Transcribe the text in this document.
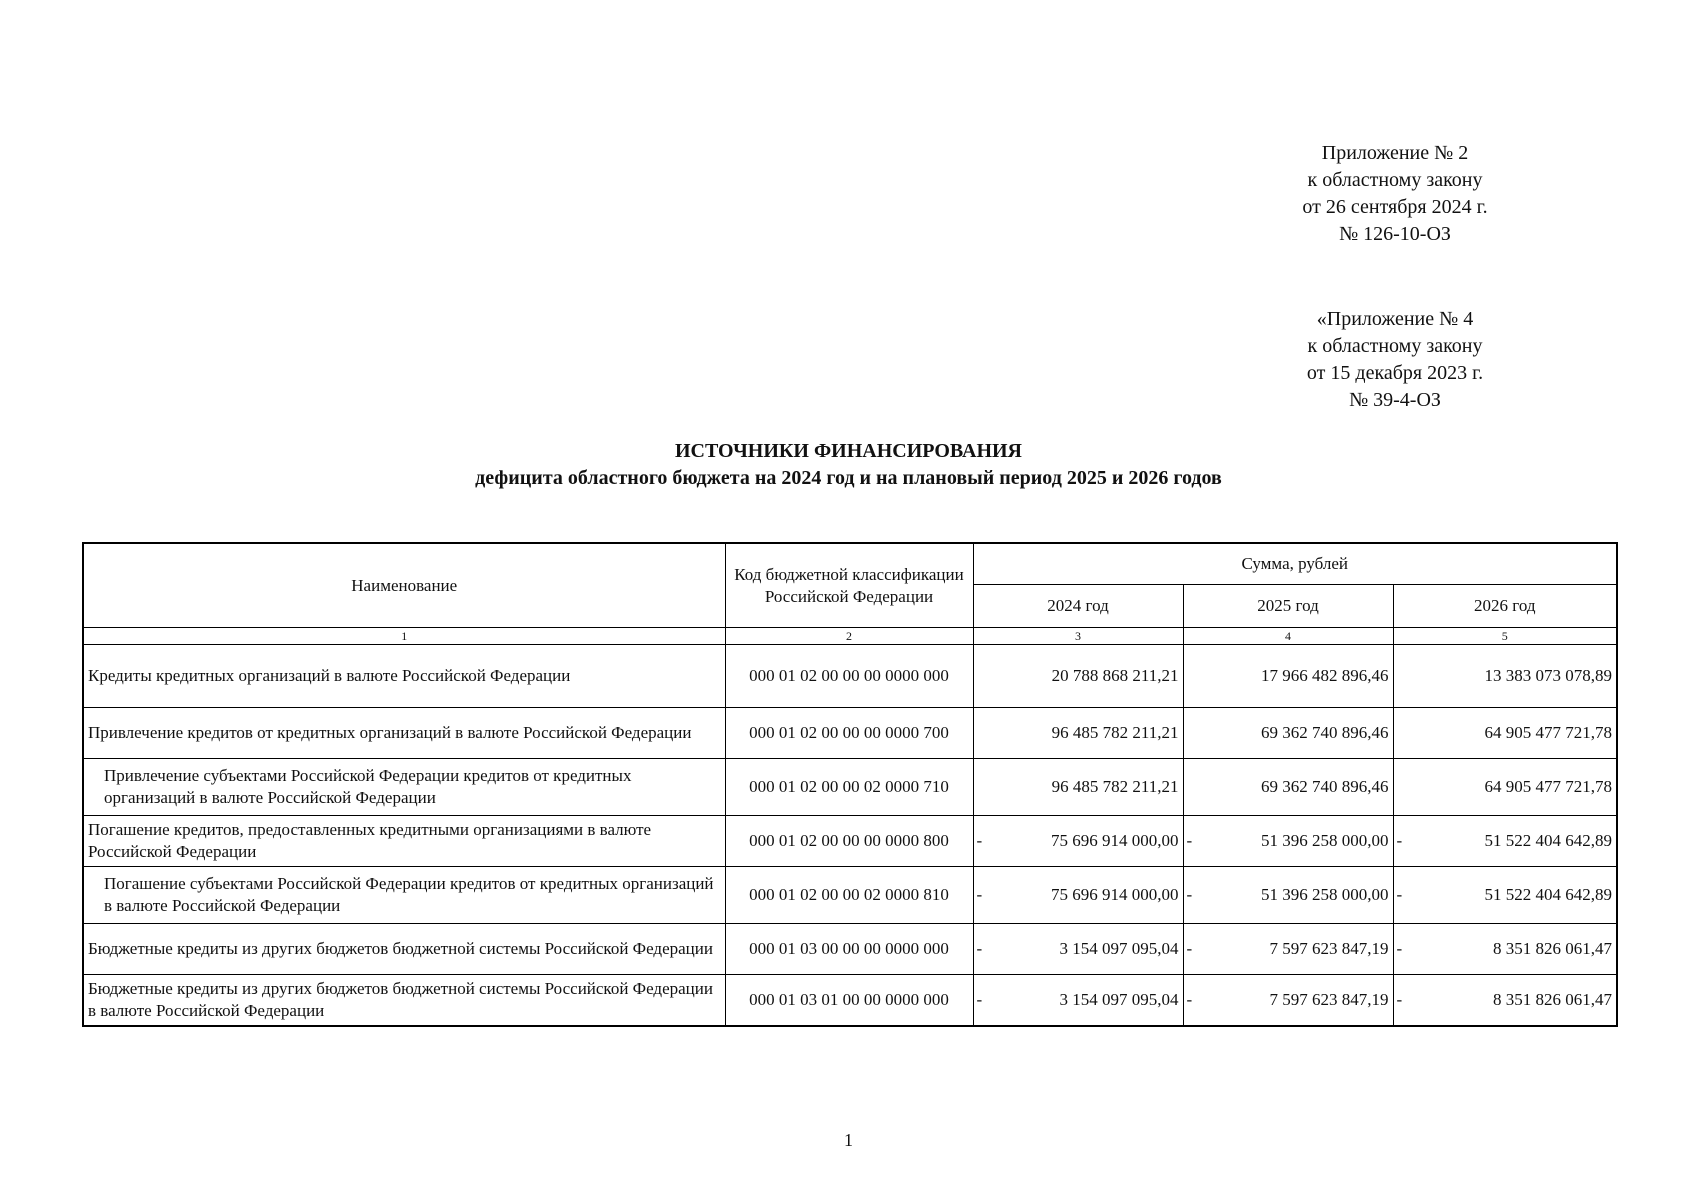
Приложение № 2
к областному закону
от 26 сентября 2024 г.
№ 126-10-ОЗ
«Приложение № 4
к областному закону
от 15 декабря 2023 г.
№ 39-4-ОЗ
ИСТОЧНИКИ ФИНАНСИРОВАНИЯ
дефицита областного бюджета на 2024 год и на плановый период 2025 и 2026 годов
Наименование	Код бюджетной классификации Российской Федерации	Сумма, рублей		
		2024 год	2025 год	2026 год
1	2	3	4	5
Кредиты кредитных организаций в валюте Российской Федерации	000 01 02 00 00 00 0000 000	20 788 868 211,21	17 966 482 896,46	13 383 073 078,89
Привлечение кредитов от кредитных организаций в валюте Российской Федерации	000 01 02 00 00 00 0000 700	96 485 782 211,21	69 362 740 896,46	64 905 477 721,78
Привлечение субъектами Российской Федерации кредитов от кредитных организаций в валюте Российской Федерации	000 01 02 00 00 02 0000 710	96 485 782 211,21	69 362 740 896,46	64 905 477 721,78
Погашение кредитов, предоставленных кредитными организациями в валюте Российской Федерации	000 01 02 00 00 00 0000 800	- 75 696 914 000,00	- 51 396 258 000,00	- 51 522 404 642,89
Погашение субъектами Российской Федерации кредитов от кредитных организаций в валюте Российской Федерации	000 01 02 00 00 02 0000 810	- 75 696 914 000,00	- 51 396 258 000,00	- 51 522 404 642,89
Бюджетные кредиты из других бюджетов бюджетной системы Российской Федерации	000 01 03 00 00 00 0000 000	- 3 154 097 095,04	- 7 597 623 847,19	- 8 351 826 061,47
Бюджетные кредиты из других бюджетов бюджетной системы Российской Федерации в валюте Российской Федерации	000 01 03 01 00 00 0000 000	- 3 154 097 095,04	- 7 597 623 847,19	- 8 351 826 061,47
1
